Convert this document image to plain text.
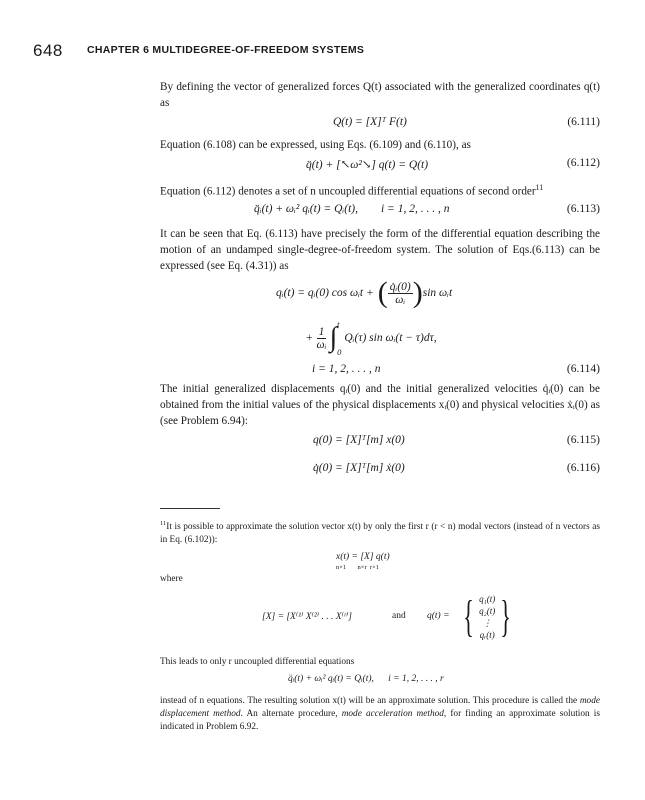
648 CHAPTER 6 MULTIDEGREE-OF-FREEDOM SYSTEMS
By defining the vector of generalized forces Q(t) associated with the generalized coordinates q(t) as
Q(t) = [X]ᵀ F(t)	(6.111)
Equation (6.108) can be expressed, using Eqs. (6.109) and (6.110), as
q̈(t) + [↖ω²↘] q(t) = Q(t)	(6.112)
Equation (6.112) denotes a set of n uncoupled differential equations of second order$^{11}$
q̈ᵢ(t) + ωᵢ² qᵢ(t) = Qᵢ(t),        i = 1, 2, . . . , n	(6.113)
It can be seen that Eq. (6.113) have precisely the form of the differential equation describing the motion of an undamped single-degree-of-freedom system. The solution of Eqs.(6.113) can be expressed (see Eq. (4.31)) as
qᵢ(t) = qᵢ(0) cos ωᵢt + ( $\frac{\text{q̇ᵢ(0)}}{\text{ωᵢ}}$ ) sin ωᵢt
+ $\frac{1}{\text{ωᵢ}}$ ∫ t
0
Qᵢ(τ) sin ωᵢ(t − τ)dτ,
i = 1, 2, . . . , n	(6.114)
The initial generalized displacements qᵢ(0) and the initial generalized velocities q̇ᵢ(0) can be obtained from the initial values of the physical displacements xᵢ(0) and physical velocities ẋᵢ(0) as (see Problem 6.94):
q(0) = [X]ᵀ[m] x(0)	(6.115)
q̇(0) = [X]ᵀ[m] ẋ(0)	(6.116)
$^{11}$It is possible to approximate the solution vector x(t) by only the first r (r < n) modal vectors (instead of n vectors as in Eq. (6.102)):
x(t) = [X] q(t)
n×1       n×r  r×1
where
[X] = [X⁽¹⁾ X⁽²⁾ . . . X⁽ʳ⁾]	and q(t) = { q₁(t)
q₂(t)
⋮
qᵣ(t) }
This leads to only r uncoupled differential equations
q̈ᵢ(t) + ωᵢ² qᵢ(t) = Qᵢ(t),      i = 1, 2, . . . , r
instead of n equations. The resulting solution x(t) will be an approximate solution. This procedure is called the mode displacement method. An alternate procedure, mode acceleration method, for finding an approximate solution is indicated in Problem 6.92.
